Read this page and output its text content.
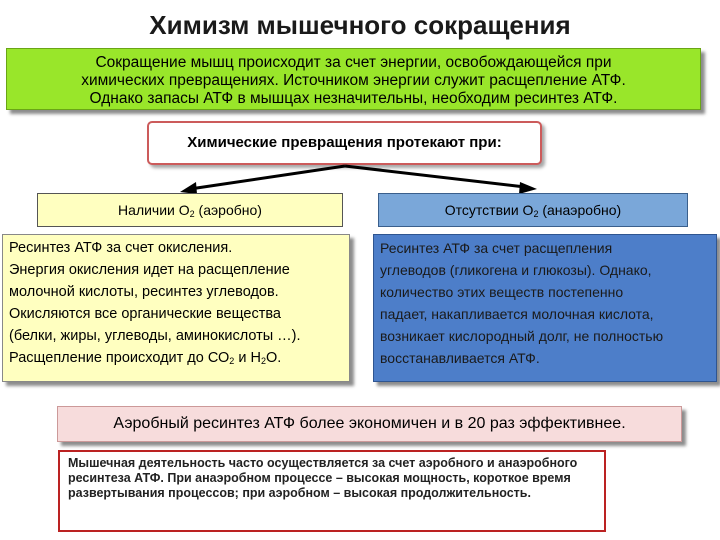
Химизм мышечного сокращения
Сокращение мышц происходит за счет энергии, освобождающейся при
химических превращениях. Источником энергии служит расщепление АТФ.
Однако запасы АТФ в мышцах незначительны, необходим ресинтез АТФ.
Химические превращения протекают при:
Наличии $О_2$ (аэробно)	Отсутствии $О_2$ (анаэробно)
Ресинтез АТФ за счет окисления.
Энергия окисления идет на расщепление
молочной кислоты, ресинтез углеводов.
Окисляются все органические вещества
(белки, жиры, углеводы, аминокислоты …).
Расщепление происходит до $СО_2$ и $Н_2О$.
Ресинтез АТФ за счет расщепления
углеводов (гликогена и глюкозы). Однако,
количество этих веществ постепенно
падает, накапливается молочная кислота,
возникает кислородный долг, не полностью
восстанавливается АТФ.
Аэробный ресинтез АТФ более экономичен и в 20 раз эффективнее.
Мышечная деятельность часто осуществляется за счет аэробного и анаэробного
ресинтеза АТФ. При анаэробном процессе – высокая мощность, короткое время
развертывания процессов; при аэробном – высокая продолжительность.
